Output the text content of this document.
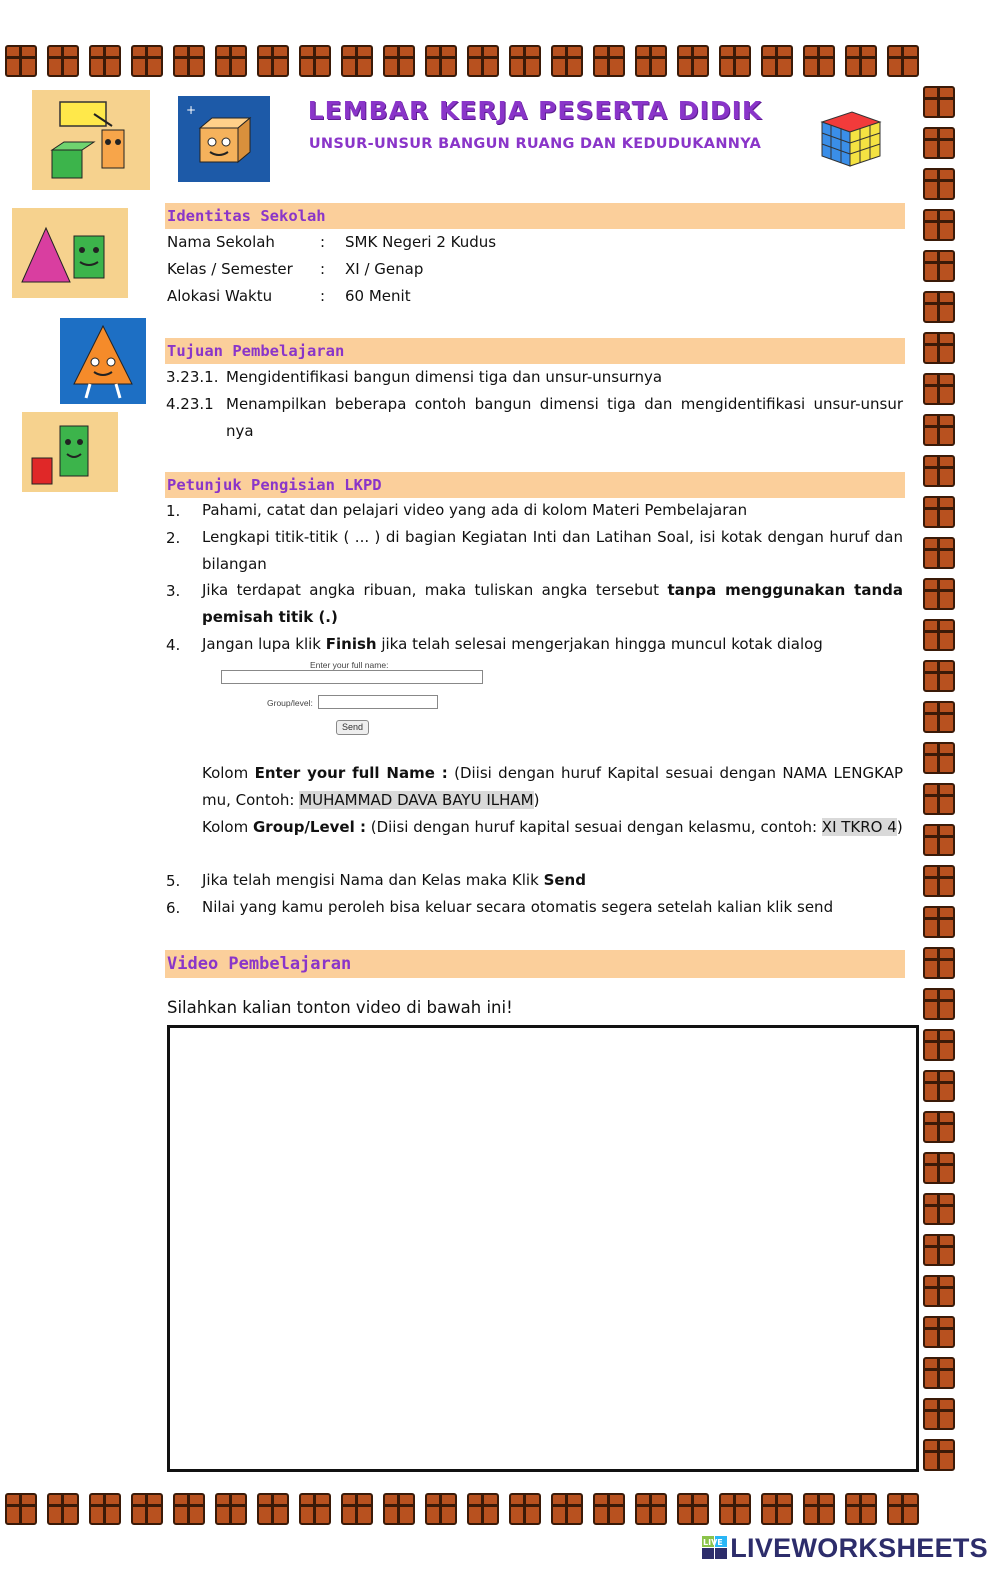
LEMBAR KERJA PESERTA DIDIK
UNSUR-UNSUR BANGUN RUANG DAN KEDUDUKANNYA
+
Identitas Sekolah
Nama Sekolah	: SMK Negeri 2 Kudus
Kelas / Semester : XI / Genap
Alokasi Waktu	: 60 Menit
Tujuan Pembelajaran
3.23.1. Mengidentifikasi bangun dimensi tiga dan unsur-unsurnya
4.23.1 Menampilkan beberapa contoh bangun dimensi tiga dan mengidentifikasi unsur-unsur
nya
Petunjuk Pengisian LKPD
1. Pahami, catat dan pelajari video yang ada di kolom Materi Pembelajaran
2. Lengkapi titik-titik ( ... ) di bagian Kegiatan Inti dan Latihan Soal, isi kotak dengan huruf dan bilangan
3. Jika terdapat angka ribuan, maka tuliskan angka tersebut tanpa menggunakan tanda pemisah titik (.)
4. Jangan lupa klik Finish jika telah selesai mengerjakan hingga muncul kotak dialog
Enter your full name:
Group/level:
Send
Kolom Enter your full Name : (Diisi dengan huruf Kapital sesuai dengan NAMA LENGKAP mu, Contoh: MUHAMMAD DAVA BAYU ILHAM)
Kolom Group/Level : (Diisi dengan huruf kapital sesuai dengan kelasmu, contoh: XI TKRO 4)
5. Jika telah mengisi Nama dan Kelas maka Klik Send
6. Nilai yang kamu peroleh bisa keluar secara otomatis segera setelah kalian klik send
Video Pembelajaran
Silahkan kalian tonton video di bawah ini!
LIVE LIVEWORKSHEETS
